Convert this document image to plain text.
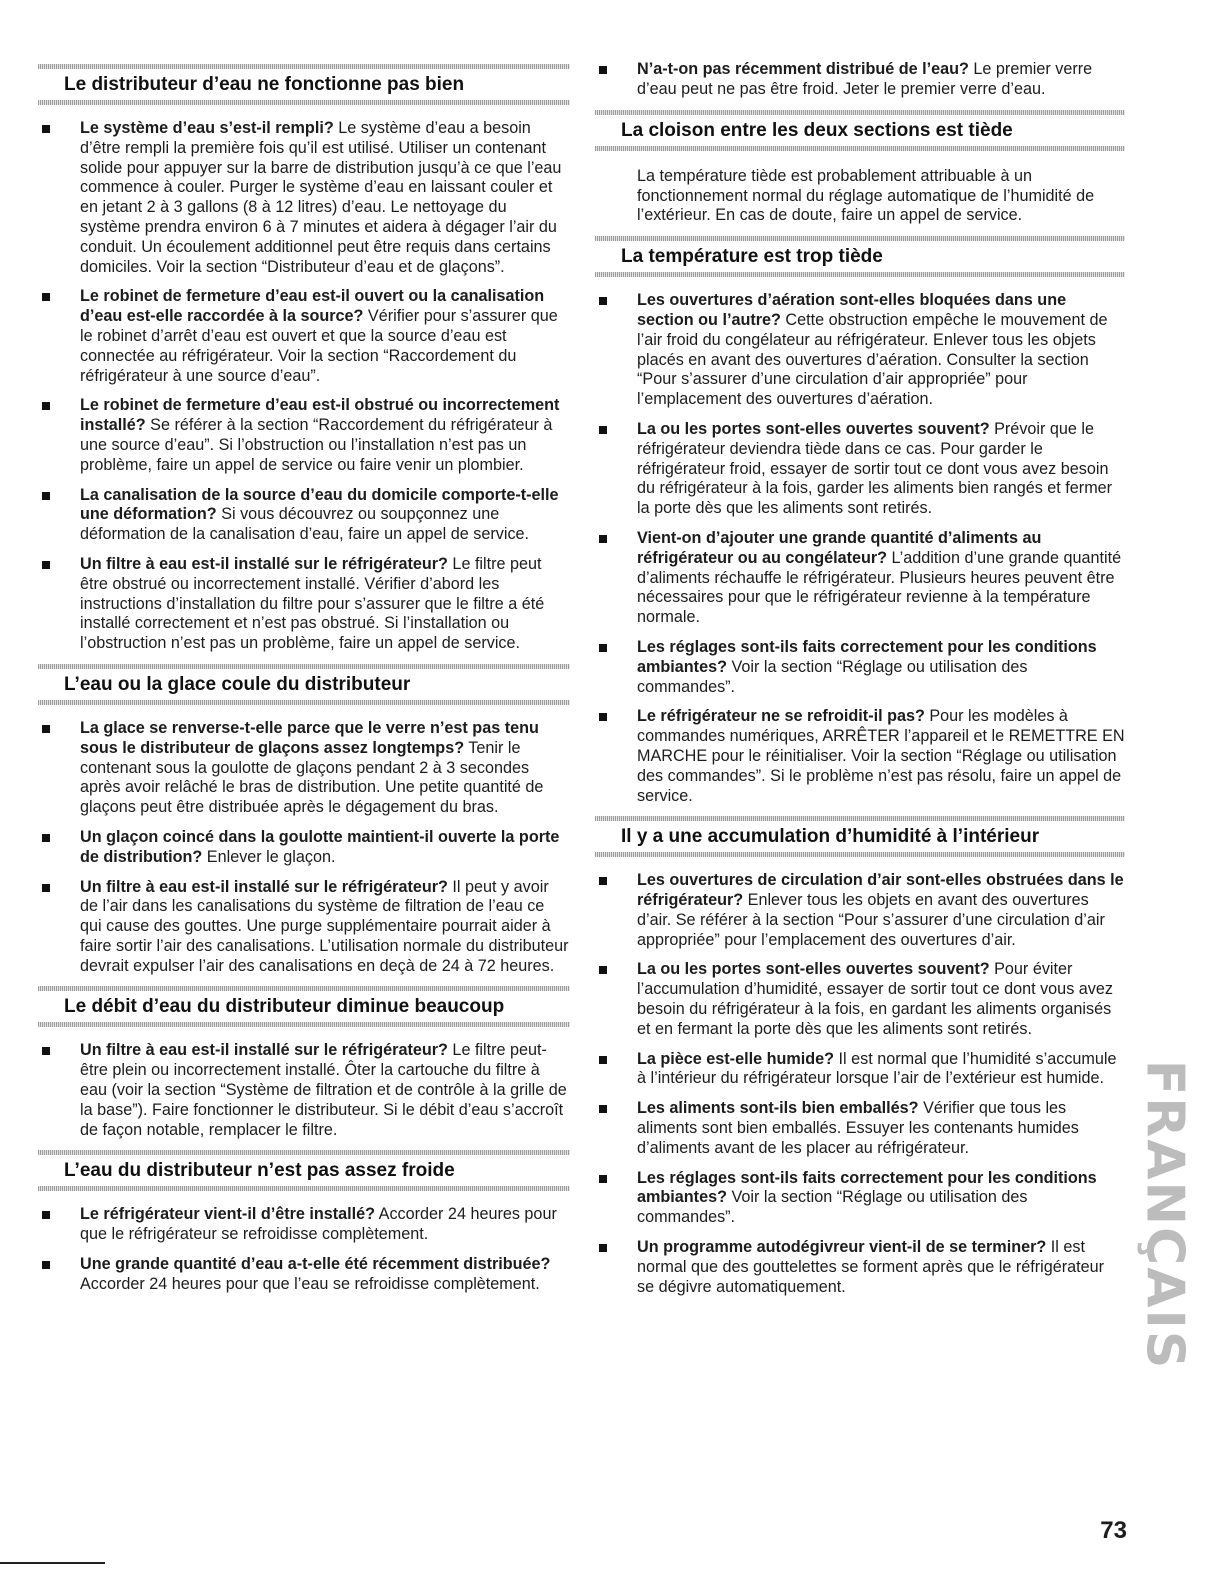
Le distributeur d’eau ne fonctionne pas bien
Le système d’eau s’est-il rempli? Le système d’eau a besoin d’être rempli la première fois qu’il est utilisé. Utiliser un contenant solide pour appuyer sur la barre de distribution jusqu’à ce que l’eau commence à couler. Purger le système d’eau en laissant couler et en jetant 2 à 3 gallons (8 à 12 litres) d’eau. Le nettoyage du système prendra environ 6 à 7 minutes et aidera à dégager l’air du conduit. Un écoulement additionnel peut être requis dans certains domiciles. Voir la section “Distributeur d’eau et de glaçons”.
Le robinet de fermeture d’eau est-il ouvert ou la canalisation d’eau est-elle raccordée à la source? Vérifier pour s’assurer que le robinet d’arrêt d’eau est ouvert et que la source d’eau est connectée au réfrigérateur. Voir la section “Raccordement du réfrigérateur à une source d’eau”.
Le robinet de fermeture d’eau est-il obstrué ou incorrectement installé? Se référer à la section “Raccordement du réfrigérateur à une source d’eau”. Si l’obstruction ou l’installation n’est pas un problème, faire un appel de service ou faire venir un plombier.
La canalisation de la source d’eau du domicile comporte-t-elle une déformation? Si vous découvrez ou soupçonnez une déformation de la canalisation d’eau, faire un appel de service.
Un filtre à eau est-il installé sur le réfrigérateur? Le filtre peut être obstrué ou incorrectement installé. Vérifier d’abord les instructions d’installation du filtre pour s’assurer que le filtre a été installé correctement et n’est pas obstrué. Si l’installation ou l’obstruction n’est pas un problème, faire un appel de service.
L’eau ou la glace coule du distributeur
La glace se renverse-t-elle parce que le verre n’est pas tenu sous le distributeur de glaçons assez longtemps? Tenir le contenant sous la goulotte de glaçons pendant 2 à 3 secondes après avoir relâché le bras de distribution. Une petite quantité de glaçons peut être distribuée après le dégagement du bras.
Un glaçon coincé dans la goulotte maintient-il ouverte la porte de distribution? Enlever le glaçon.
Un filtre à eau est-il installé sur le réfrigérateur? Il peut y avoir de l’air dans les canalisations du système de filtration de l’eau ce qui cause des gouttes. Une purge supplémentaire pourrait aider à faire sortir l’air des canalisations. L’utilisation normale du distributeur devrait expulser l’air des canalisations en deçà de 24 à 72 heures.
Le débit d’eau du distributeur diminue beaucoup
Un filtre à eau est-il installé sur le réfrigérateur? Le filtre peut-être plein ou incorrectement installé. Ôter la cartouche du filtre à eau (voir la section “Système de filtration et de contrôle à la grille de la base”). Faire fonctionner le distributeur. Si le débit d’eau s’accroît de façon notable, remplacer le filtre.
L’eau du distributeur n’est pas assez froide
Le réfrigérateur vient-il d’être installé? Accorder 24 heures pour que le réfrigérateur se refroidisse complètement.
Une grande quantité d’eau a-t-elle été récemment distribuée? Accorder 24 heures pour que l’eau se refroidisse complètement.
N’a-t-on pas récemment distribué de l’eau? Le premier verre d’eau peut ne pas être froid. Jeter le premier verre d’eau.
La cloison entre les deux sections est tiède

La température tiède est probablement attribuable à un fonctionnement normal du réglage automatique de l’humidité de l’extérieur. En cas de doute, faire un appel de service.

La température est trop tiède
Les ouvertures d’aération sont-elles bloquées dans une section ou l’autre? Cette obstruction empêche le mouvement de l’air froid du congélateur au réfrigérateur. Enlever tous les objets placés en avant des ouvertures d’aération. Consulter la section “Pour s’assurer d’une circulation d’air appropriée” pour l’emplacement des ouvertures d’aération.
La ou les portes sont-elles ouvertes souvent? Prévoir que le réfrigérateur deviendra tiède dans ce cas. Pour garder le réfrigérateur froid, essayer de sortir tout ce dont vous avez besoin du réfrigérateur à la fois, garder les aliments bien rangés et fermer la porte dès que les aliments sont retirés.
Vient-on d’ajouter une grande quantité d’aliments au réfrigérateur ou au congélateur? L’addition d’une grande quantité d’aliments réchauffe le réfrigérateur. Plusieurs heures peuvent être nécessaires pour que le réfrigérateur revienne à la température normale.
Les réglages sont-ils faits correctement pour les conditions ambiantes? Voir la section “Réglage ou utilisation des commandes”.
Le réfrigérateur ne se refroidit-il pas? Pour les modèles à commandes numériques, ARRÊTER l’appareil et le REMETTRE EN MARCHE pour le réinitialiser. Voir la section “Réglage ou utilisation des commandes”. Si le problème n’est pas résolu, faire un appel de service.
Il y a une accumulation d’humidité à l’intérieur
Les ouvertures de circulation d’air sont-elles obstruées dans le réfrigérateur? Enlever tous les objets en avant des ouvertures d’air. Se référer à la section “Pour s’assurer d’une circulation d’air appropriée” pour l’emplacement des ouvertures d’air.
La ou les portes sont-elles ouvertes souvent? Pour éviter l’accumulation d’humidité, essayer de sortir tout ce dont vous avez besoin du réfrigérateur à la fois, en gardant les aliments organisés et en fermant la porte dès que les aliments sont retirés.
La pièce est-elle humide? Il est normal que l’humidité s’accumule à l’intérieur du réfrigérateur lorsque l’air de l’extérieur est humide.
Les aliments sont-ils bien emballés? Vérifier que tous les aliments sont bien emballés. Essuyer les contenants humides d’aliments avant de les placer au réfrigérateur.
Les réglages sont-ils faits correctement pour les conditions ambiantes? Voir la section “Réglage ou utilisation des commandes”.
Un programme autodégivreur vient-il de se terminer? Il est normal que des gouttelettes se forment après que le réfrigérateur se dégivre automatiquement.	FRANÇAIS
73
